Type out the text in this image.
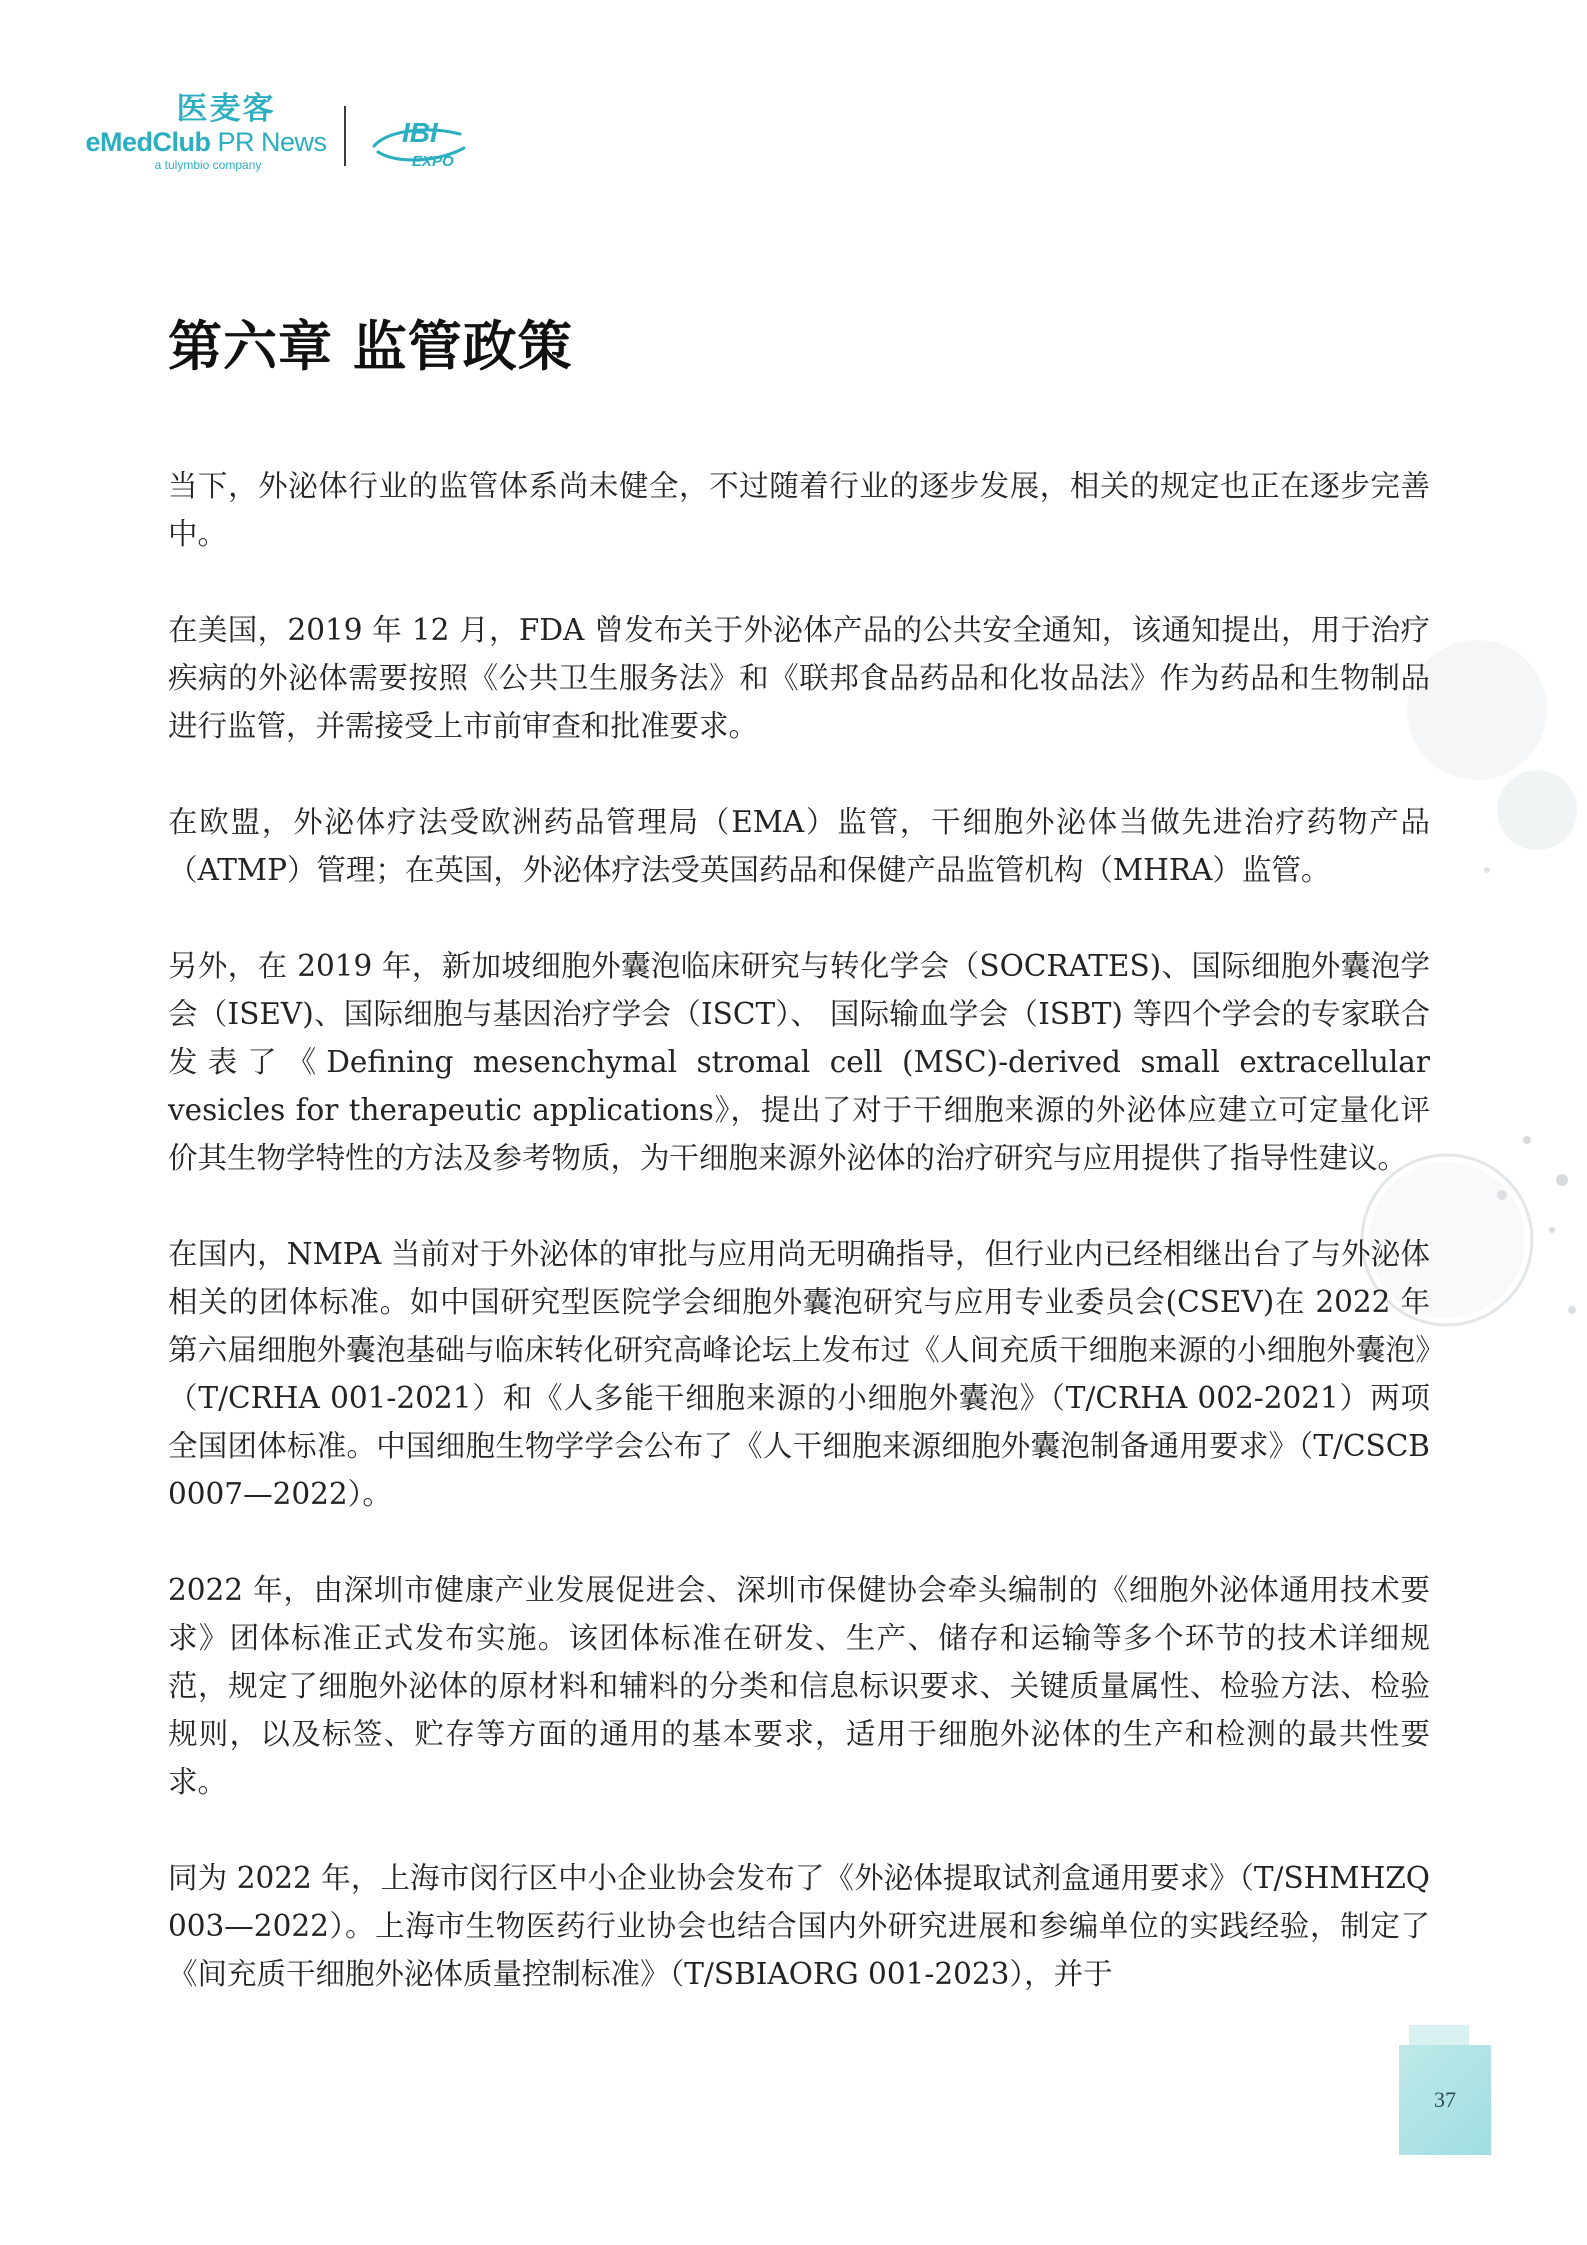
医麦客
eMedClub PR News
a tulymbio company
IBI
EXPO
第六章 监管政策

当下，外泌体行业的监管体系尚未健全，不过随着行业的逐步发展，相关的规定也正在逐步完善中。

在美国，2019 年 12 月，FDA 曾发布关于外泌体产品的公共安全通知，该通知提出，用于治疗疾病的外泌体需要按照《公共卫生服务法》和《联邦食品药品和化妆品法》作为药品和生物制品进行监管，并需接受上市前审查和批准要求。

在欧盟，外泌体疗法受欧洲药品管理局（EMA）监管，干细胞外泌体当做先进治疗药物产品（ATMP）管理；在英国，外泌体疗法受英国药品和保健产品监管机构（MHRA）监管。

另外，在 2019 年，新加坡细胞外囊泡临床研究与转化学会（SOCRATES)、国际细胞外囊泡学会（ISEV)、国际细胞与基因治疗学会（ISCT）、 国际输血学会（ISBT) 等四个学会的专家联合发表了《Defining mesenchymal stromal cell (MSC)-derived small extracellular vesicles for therapeutic applications》，提出了对于干细胞来源的外泌体应建立可定量化评价其生物学特性的方法及参考物质，为干细胞来源外泌体的治疗研究与应用提供了指导性建议。

在国内，NMPA 当前对于外泌体的审批与应用尚无明确指导，但行业内已经相继出台了与外泌体相关的团体标准。如中国研究型医院学会细胞外囊泡研究与应用专业委员会(CSEV)在 2022 年第六届细胞外囊泡基础与临床转化研究高峰论坛上发布过《人间充质干细胞来源的小细胞外囊泡》（T/CRHA 001-2021）和《人多能干细胞来源的小细胞外囊泡》（T/CRHA 002-2021）两项全国团体标准。中国细胞生物学学会公布了《人干细胞来源细胞外囊泡制备通用要求》（T/CSCB 0007—2022）。

2022 年，由深圳市健康产业发展促进会、深圳市保健协会牵头编制的《细胞外泌体通用技术要求》团体标准正式发布实施。该团体标准在研发、生产、储存和运输等多个环节的技术详细规范，规定了细胞外泌体的原材料和辅料的分类和信息标识要求、关键质量属性、检验方法、检验 规则，以及标签、贮存等方面的通用的基本要求，适用于细胞外泌体的生产和检测的最共性要求。

同为 2022 年，上海市闵行区中小企业协会发布了《外泌体提取试剂盒通用要求》（T/SHMHZQ 003—2022）。上海市生物医药行业协会也结合国内外研究进展和参编单位的实践经验，制定了《间充质干细胞外泌体质量控制标准》（T/SBIAORG 001-2023），并于

37
